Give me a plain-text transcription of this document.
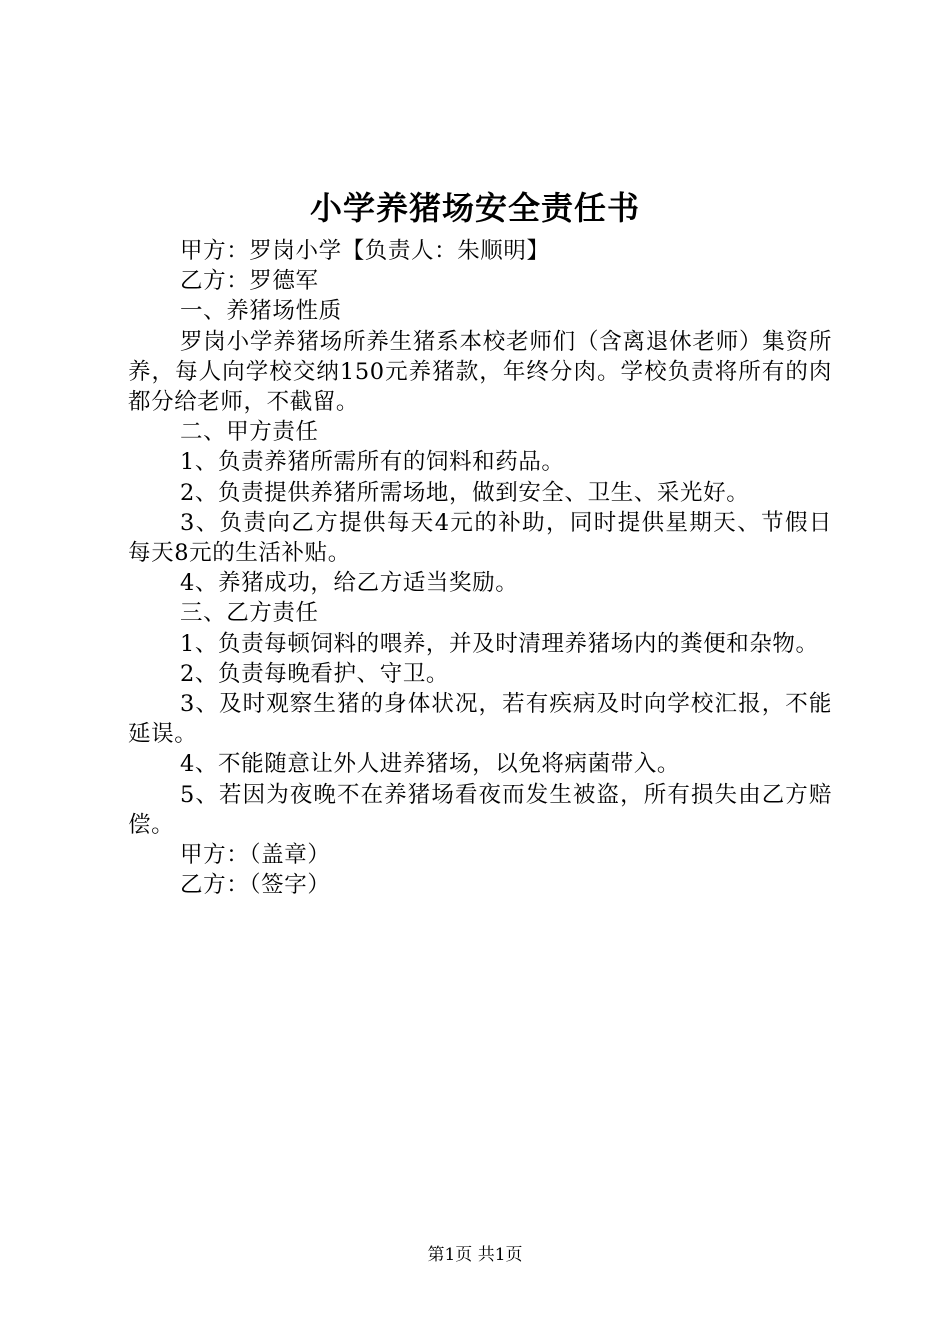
小学养猪场安全责任书

甲方：罗岗小学【负责人：朱顺明】

乙方：罗德军

一、养猪场性质

罗岗小学养猪场所养生猪系本校老师们（含离退休老师）集资所养，每人向学校交纳150元养猪款，年终分肉。学校负责将所有的肉都分给老师，不截留。

二、甲方责任

1、负责养猪所需所有的饲料和药品。

2、负责提供养猪所需场地，做到安全、卫生、采光好。

3、负责向乙方提供每天4元的补助，同时提供星期天、节假日每天8元的生活补贴。

4、养猪成功，给乙方适当奖励。

三、乙方责任

1、负责每顿饲料的喂养，并及时清理养猪场内的粪便和杂物。

2、负责每晚看护、守卫。

3、及时观察生猪的身体状况，若有疾病及时向学校汇报，不能延误。

4、不能随意让外人进养猪场，以免将病菌带入。

5、若因为夜晚不在养猪场看夜而发生被盗，所有损失由乙方赔偿。

甲方：（盖章）

乙方：（签字）

第1页 共1页
